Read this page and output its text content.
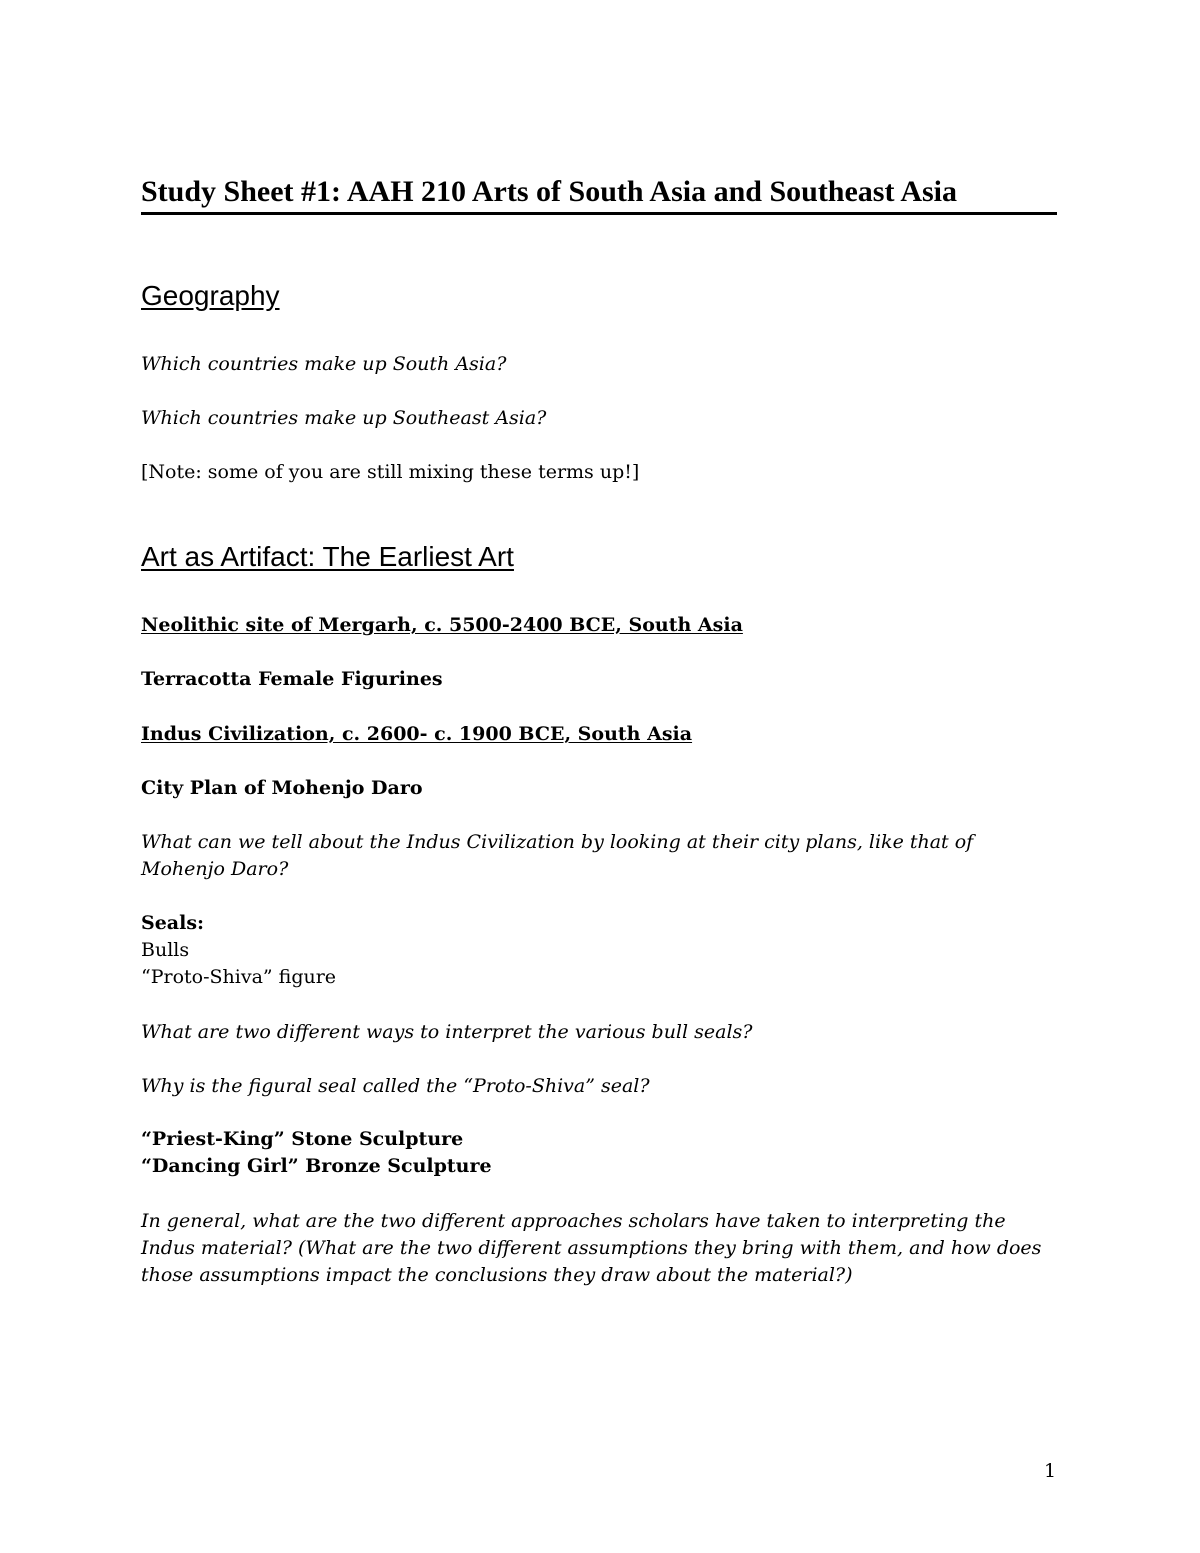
Study Sheet #1: AAH 210 Arts of South Asia and Southeast Asia
Geography
Which countries make up South Asia?
Which countries make up Southeast Asia?
[Note: some of you are still mixing these terms up!]
Art as Artifact: The Earliest Art
Neolithic site of Mergarh, c. 5500-2400 BCE, South Asia
Terracotta Female Figurines
Indus Civilization, c. 2600- c. 1900 BCE, South Asia
City Plan of Mohenjo Daro
What can we tell about the Indus Civilization by looking at their city plans, like that of Mohenjo Daro?
Seals:
Bulls
“Proto-Shiva” figure
What are two different ways to interpret the various bull seals?
Why is the figural seal called the “Proto-Shiva” seal?
“Priest-King” Stone Sculpture
“Dancing Girl” Bronze Sculpture
In general, what are the two different approaches scholars have taken to interpreting the Indus material? (What are the two different assumptions they bring with them, and how does those assumptions impact the conclusions they draw about the material?)
1
